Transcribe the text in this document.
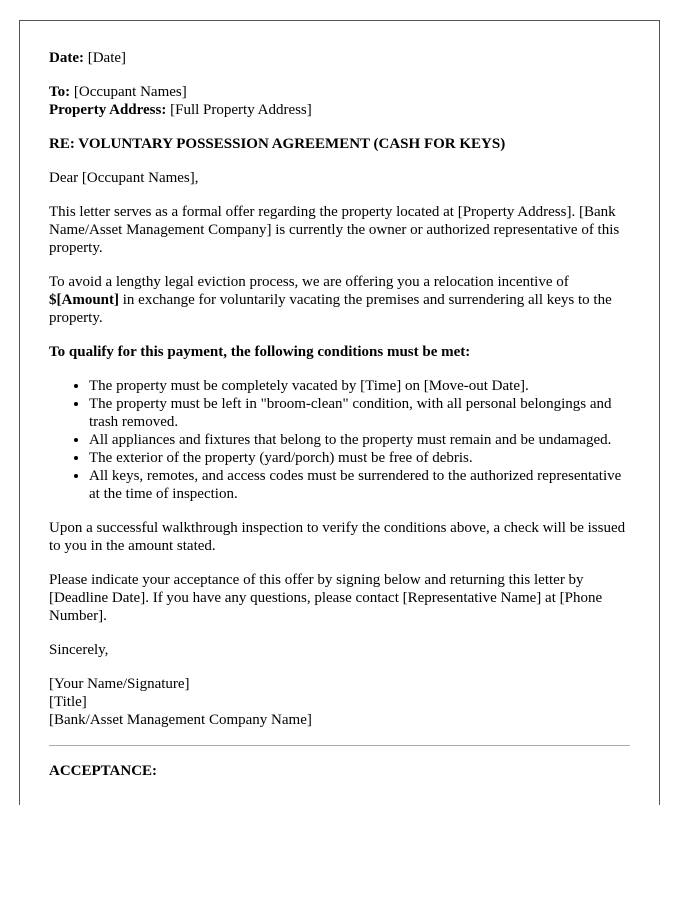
Date: [Date]

To: [Occupant Names]
Property Address: [Full Property Address]

RE: VOLUNTARY POSSESSION AGREEMENT (CASH FOR KEYS)

Dear [Occupant Names],

This letter serves as a formal offer regarding the property located at [Property Address]. [Bank Name/Asset Management Company] is currently the owner or authorized representative of this property.

To avoid a lengthy legal eviction process, we are offering you a relocation incentive of $[Amount] in exchange for voluntarily vacating the premises and surrendering all keys to the property.

To qualify for this payment, the following conditions must be met:

• The property must be completely vacated by [Time] on [Move-out Date].
• The property must be left in "broom-clean" condition, with all personal belongings and trash removed.
• All appliances and fixtures that belong to the property must remain and be undamaged.
• The exterior of the property (yard/porch) must be free of debris.
• All keys, remotes, and access codes must be surrendered to the authorized representative at the time of inspection.

Upon a successful walkthrough inspection to verify the conditions above, a check will be issued to you in the amount stated.

Please indicate your acceptance of this offer by signing below and returning this letter by [Deadline Date]. If you have any questions, please contact [Representative Name] at [Phone Number].

Sincerely,

[Your Name/Signature]
[Title]
[Bank/Asset Management Company Name]

ACCEPTANCE:
